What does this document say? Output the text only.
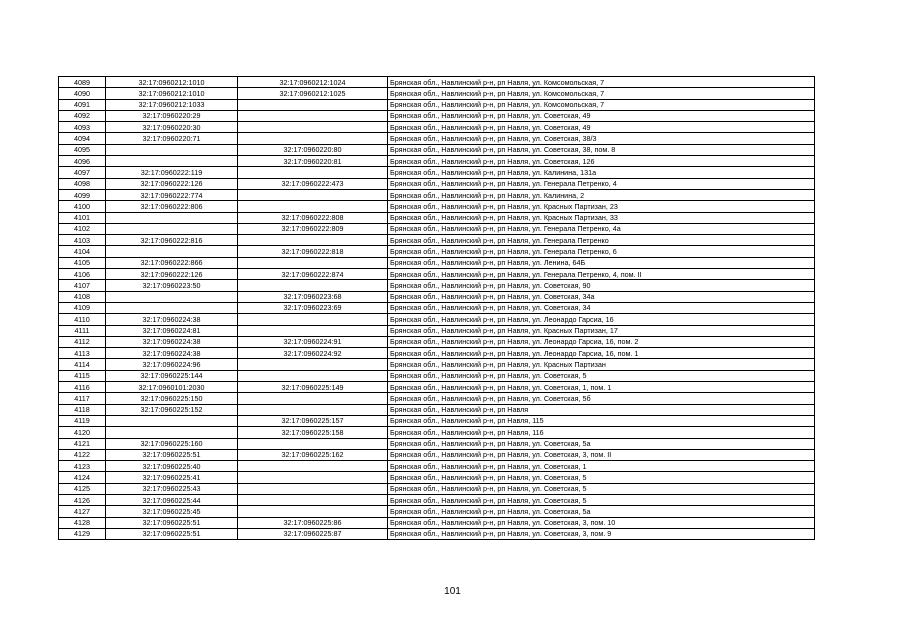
4089	32:17:0960212:1010	32:17:0960212:1024	Брянская обл., Навлинский р-н, рп Навля, ул. Комсомольская, 7
4090	32:17:0960212:1010	32:17:0960212:1025	Брянская обл., Навлинский р-н, рп Навля, ул. Комсомольская, 7
4091	32:17:0960212:1033		Брянская обл., Навлинский р-н, рп Навля, ул. Комсомольская, 7
4092	32:17:0960220:29		Брянская обл., Навлинский р-н, рп Навля, ул. Советская, 49
4093	32:17:0960220:30		Брянская обл., Навлинский р-н, рп Навля, ул. Советская, 49
4094	32:17:0960220:71		Брянская обл., Навлинский р-н, рп Навля, ул. Советская, 38/3
4095		32:17:0960220:80	Брянская обл., Навлинский р-н, рп Навля, ул. Советская, 38, пом. 8
4096		32:17:0960220:81	Брянская обл., Навлинский р-н, рп Навля, ул. Советская, 126
4097	32:17:0960222:119		Брянская обл., Навлинский р-н, рп Навля, ул. Калинина, 131а
4098	32:17:0960222:126	32:17:0960222:473	Брянская обл., Навлинский р-н, рп Навля, ул. Генерала Петренко, 4
4099	32:17:0960222:774		Брянская обл., Навлинский р-н, рп Навля, ул. Калинина, 2
4100	32:17:0960222:806		Брянская обл., Навлинский р-н, рп Навля, ул. Красных Партизан, 23
4101		32:17:0960222:808	Брянская обл., Навлинский р-н, рп Навля, ул. Красных Партизан, 33
4102		32:17:0960222:809	Брянская обл., Навлинский р-н, рп Навля, ул. Генерала Петренко, 4а
4103	32:17:0960222:816		Брянская обл., Навлинский р-н, рп Навля, ул. Генерала Петренко
4104		32:17:0960222:818	Брянская обл., Навлинский р-н, рп Навля, ул. Генерала Петренко, 6
4105	32:17:0960222:866		Брянская обл., Навлинский р-н, рп Навля, ул. Ленина, 64Б
4106	32:17:0960222:126	32:17:0960222:874	Брянская обл., Навлинский р-н, рп Навля, ул. Генерала Петренко, 4, пом. II
4107	32:17:0960223:50		Брянская обл., Навлинский р-н, рп Навля, ул. Советская, 90
4108		32:17:0960223:68	Брянская обл., Навлинский р-н, рп Навля, ул. Советская, 34а
4109		32:17:0960223:69	Брянская обл., Навлинский р-н, рп Навля, ул. Советская, 34
4110	32:17:0960224:38		Брянская обл., Навлинский р-н, рп Навля, ул. Леонардо Гарсиа, 16
4111	32:17:0960224:81		Брянская обл., Навлинский р-н, рп Навля, ул. Красных Партизан, 17
4112	32:17:0960224:38	32:17:0960224:91	Брянская обл., Навлинский р-н, рп Навля, ул. Леонардо Гарсиа, 16, пом. 2
4113	32:17:0960224:38	32:17:0960224:92	Брянская обл., Навлинский р-н, рп Навля, ул. Леонардо Гарсиа, 16, пом. 1
4114	32:17:0960224:96		Брянская обл., Навлинский р-н, рп Навля, ул. Красных Партизан
4115	32:17:0960225:144		Брянская обл., Навлинский р-н, рп Навля, ул. Советская, 5
4116	32:17:0960101:2030	32:17:0960225:149	Брянская обл., Навлинский р-н, рп Навля, ул. Советская, 1, пом. 1
4117	32:17:0960225:150		Брянская обл., Навлинский р-н, рп Навля, ул. Советская, 5б
4118	32:17:0960225:152		Брянская обл., Навлинский р-н, рп Навля
4119		32:17:0960225:157	Брянская обл., Навлинский р-н, рп Навля, 115
4120		32:17:0960225:158	Брянская обл., Навлинский р-н, рп Навля, 116
4121	32:17:0960225:160		Брянская обл., Навлинский р-н, рп Навля, ул. Советская, 5а
4122	32:17:0960225:51	32:17:0960225:162	Брянская обл., Навлинский р-н, рп Навля, ул. Советская, 3, пом. II
4123	32:17:0960225:40		Брянская обл., Навлинский р-н, рп Навля, ул. Советская, 1
4124	32:17:0960225:41		Брянская обл., Навлинский р-н, рп Навля, ул. Советская, 5
4125	32:17:0960225:43		Брянская обл., Навлинский р-н, рп Навля, ул. Советская, 5
4126	32:17:0960225:44		Брянская обл., Навлинский р-н, рп Навля, ул. Советская, 5
4127	32:17:0960225:45		Брянская обл., Навлинский р-н, рп Навля, ул. Советская, 5а
4128	32:17:0960225:51	32:17:0960225:86	Брянская обл., Навлинский р-н, рп Навля, ул. Советская, 3, пом. 10
4129	32:17:0960225:51	32:17:0960225:87	Брянская обл., Навлинский р-н, рп Навля, ул. Советская, 3, пом. 9
101
